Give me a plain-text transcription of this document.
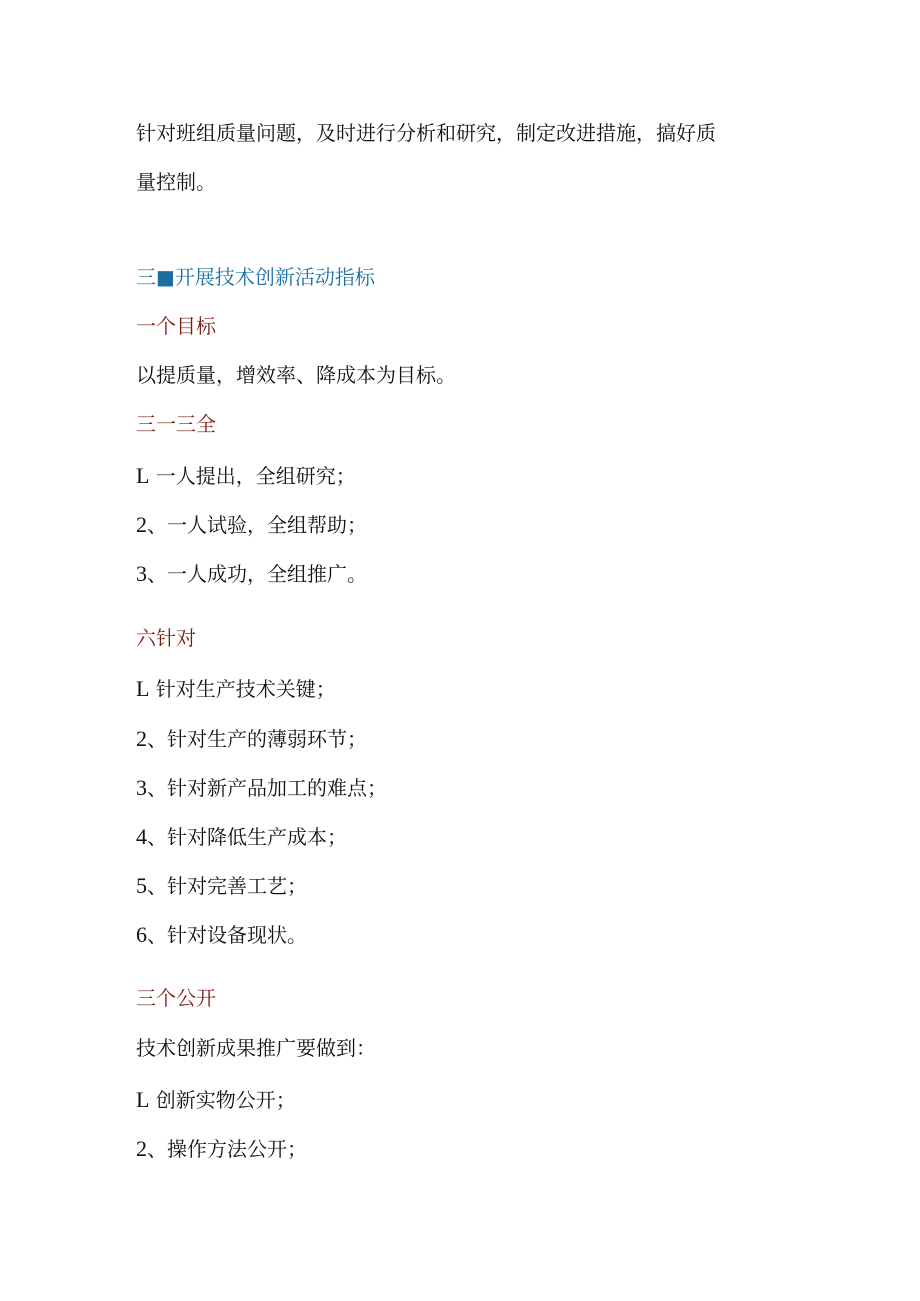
针对班组质量问题，及时进行分析和研究，制定改进措施，搞好质
量控制。
三■开展技术创新活动指标
一个目标
以提质量，增效率、降成本为目标。
三一三全
L 一人提出，全组研究；
2、一人试验，全组帮助；
3、一人成功，全组推广。
六针对
L 针对生产技术关键；
2、针对生产的薄弱环节；
3、针对新产品加工的难点；
4、针对降低生产成本；
5、针对完善工艺；
6、针对设备现状。
三个公开
技术创新成果推广要做到：
L 创新实物公开；
2、操作方法公开；
